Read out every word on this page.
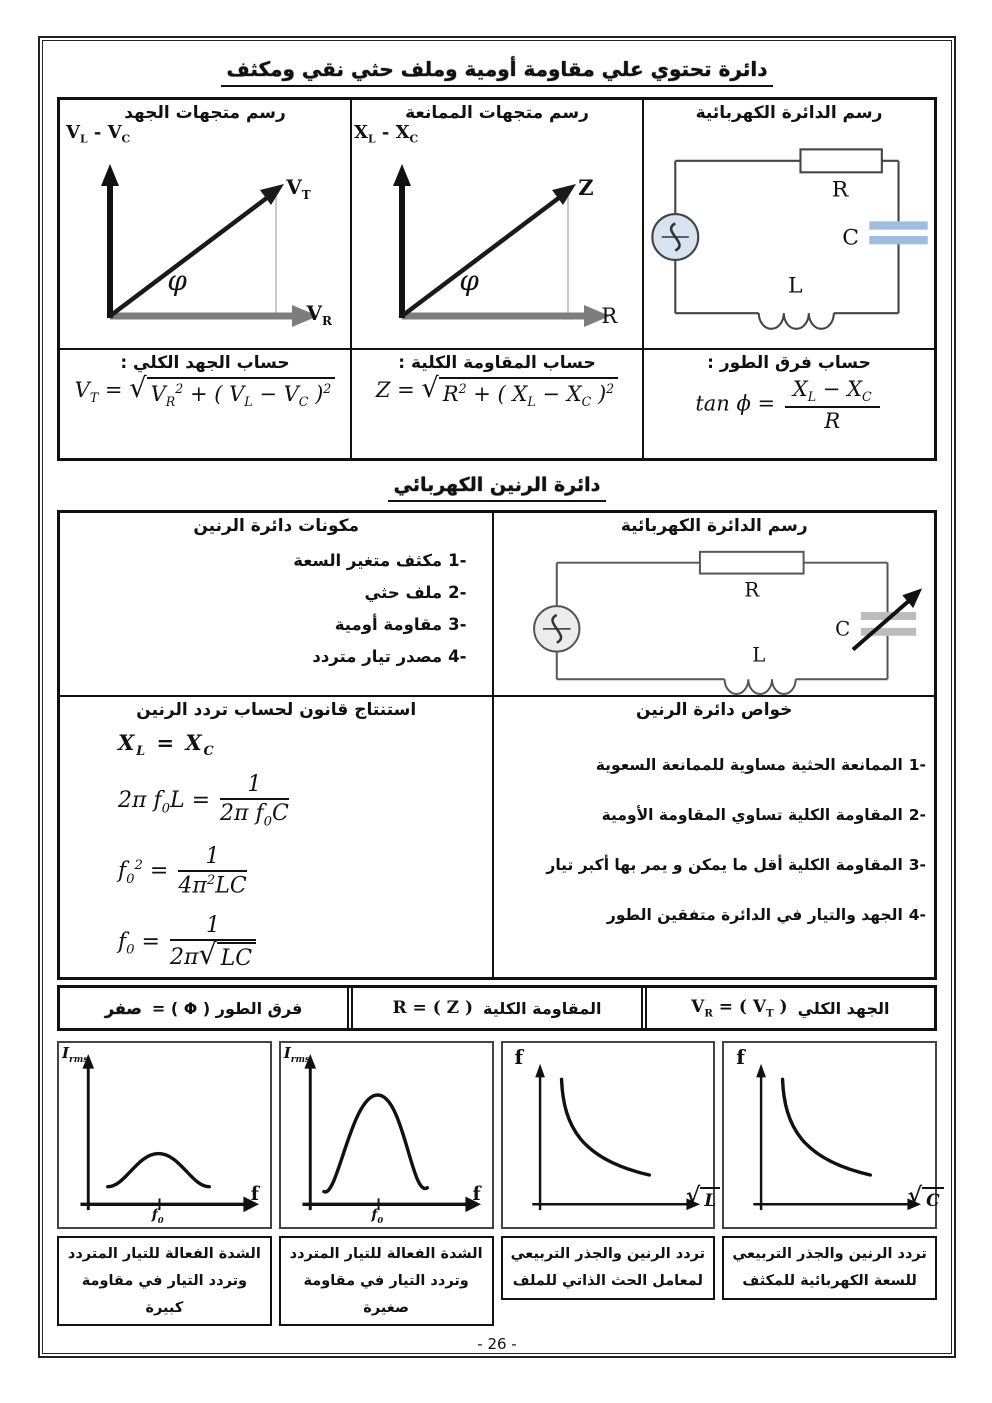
دائرة تحتوي علي مقاومة أومية وملف حثي نقي ومكثف
رسم متجهات الجهد
$V_L - V_C$
$V_T$
φ
$V_R$
رسم متجهات الممانعة
$X_L - X_C$
Z
φ
R
رسم الدائرة الكهربائية
C
R
L
حساب الجهد الكلي :
$V_T$ = √ $V_R^2$ + ( $V_L - V_C$ )$^2$
حساب المقاومة الكلية :
Z = √ $R^2$ + ( $X_L - X_C$ )$^2$
حساب فرق الطور :
$\tan \phi = \frac{X_L - X_C}{R}$
دائرة الرنين الكهربائي
مكونات دائرة الرنين
1-
مكثف متغير السعة
2-
ملف حثي
3-
مقاومة أومية
4-
مصدر تيار متردد
رسم الدائرة الكهربائية
C
R
L
استنتاج قانون لحساب تردد الرنين
$X_L = X_C$
2π $f_0L = \frac{1}{2\pi f_0C}$
$f_0^2 = \frac{1}{4\pi^2LC}$
$f_0 = \frac{1}{2\pi √ LC}$
خواص دائرة الرنين
1-
الممانعة الحثية مساوية للممانعة السعوية
2-
المقاومة الكلية تساوي المقاومة الأومية
3-
المقاومة الكلية أقل ما يمكن و يمر بها أكبر تيار
4-
الجهد والتيار في الدائرة متفقين الطور
فرق الطور ( Φ ) =
صفر	R = ( Z ) المقاومة الكلية	$V_R$ = ( $V_T$ ) الجهد الكلي
$I_{rms}$
f
$f_0$
الشدة الفعالة للتيار المتردد
وتردد التيار في مقاومة كبيرة
$I_{rms}$
f
$f_0$
الشدة الفعالة للتيار المتردد
وتردد التيار في مقاومة صغيرة
f
√ L
تردد الرنين والجذر التربيعي
لمعامل الحث الذاتي للملف
f
√ C
تردد الرنين والجذر التربيعي
للسعة الكهربائية للمكثف
- 26 -
